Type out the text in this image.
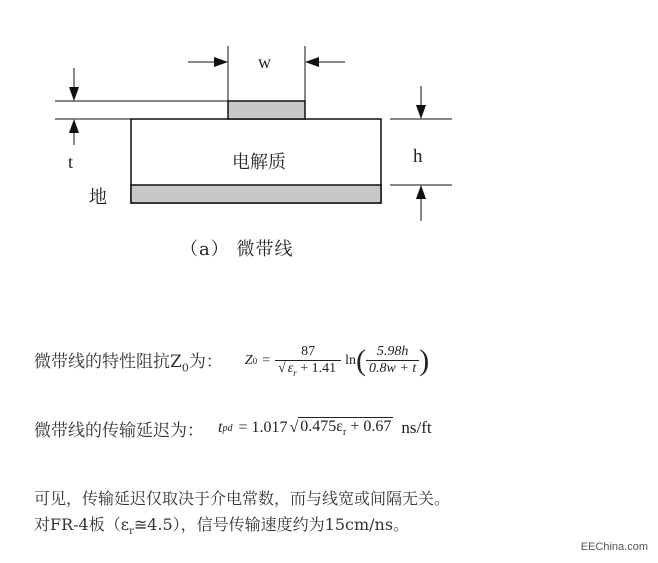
w
t	h
电解质
地
（a） 微带线
微带线的特性阻抗$Z_0$为： Z $0 = \frac{87}{√ \varepsilon_r + 1.41}$ ln ( $\frac{5.98h}{0.8w + t}$ )
微带线的传输延迟为： t pd = 1.017 √ $0.475\varepsilon_r + 0.67$ ns/ft
可见，传输延迟仅取决于介电常数，而与线宽或间隔无关。
对FR-4板$(\varepsilon_r≅4.5)$，信号传输速度约为15cm/ns。
EEChina.com
